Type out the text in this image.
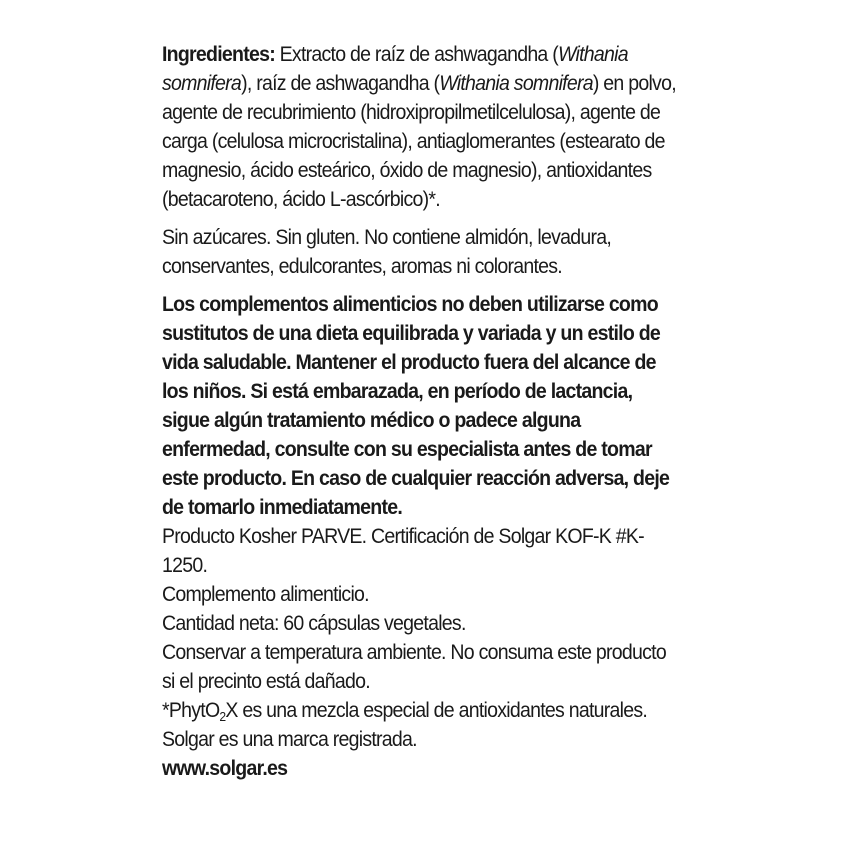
Ingredientes: Extracto de raíz de ashwagandha (Withania somnifera), raíz de ashwagandha (Withania somnifera) en polvo, agente de recubrimiento (hidroxipropilmetilcelulosa), agente de carga (celulosa microcristalina), antiaglomerantes (estearato de magnesio, ácido esteárico, óxido de magnesio), antioxidantes (betacaroteno, ácido L-ascórbico)*.

Sin azúcares. Sin gluten. No contiene almidón, levadura, conservantes, edulcorantes, aromas ni colorantes.

Los complementos alimenticios no deben utilizarse como sustitutos de una dieta equilibrada y variada y un estilo de vida saludable. Mantener el producto fuera del alcance de los niños. Si está embarazada, en período de lactancia, sigue algún tratamiento médico o padece alguna enfermedad, consulte con su especialista antes de tomar este producto. En caso de cualquier reacción adversa, deje de tomarlo inmediatamente.

Producto Kosher PARVE. Certificación de Solgar KOF-K #K-1250.

Complemento alimenticio.

Cantidad neta: 60 cápsulas vegetales.

Conservar a temperatura ambiente. No consuma este producto si el precinto está dañado.

*PhytO$_2$X es una mezcla especial de antioxidantes naturales.

Solgar es una marca registrada.

www.solgar.es
